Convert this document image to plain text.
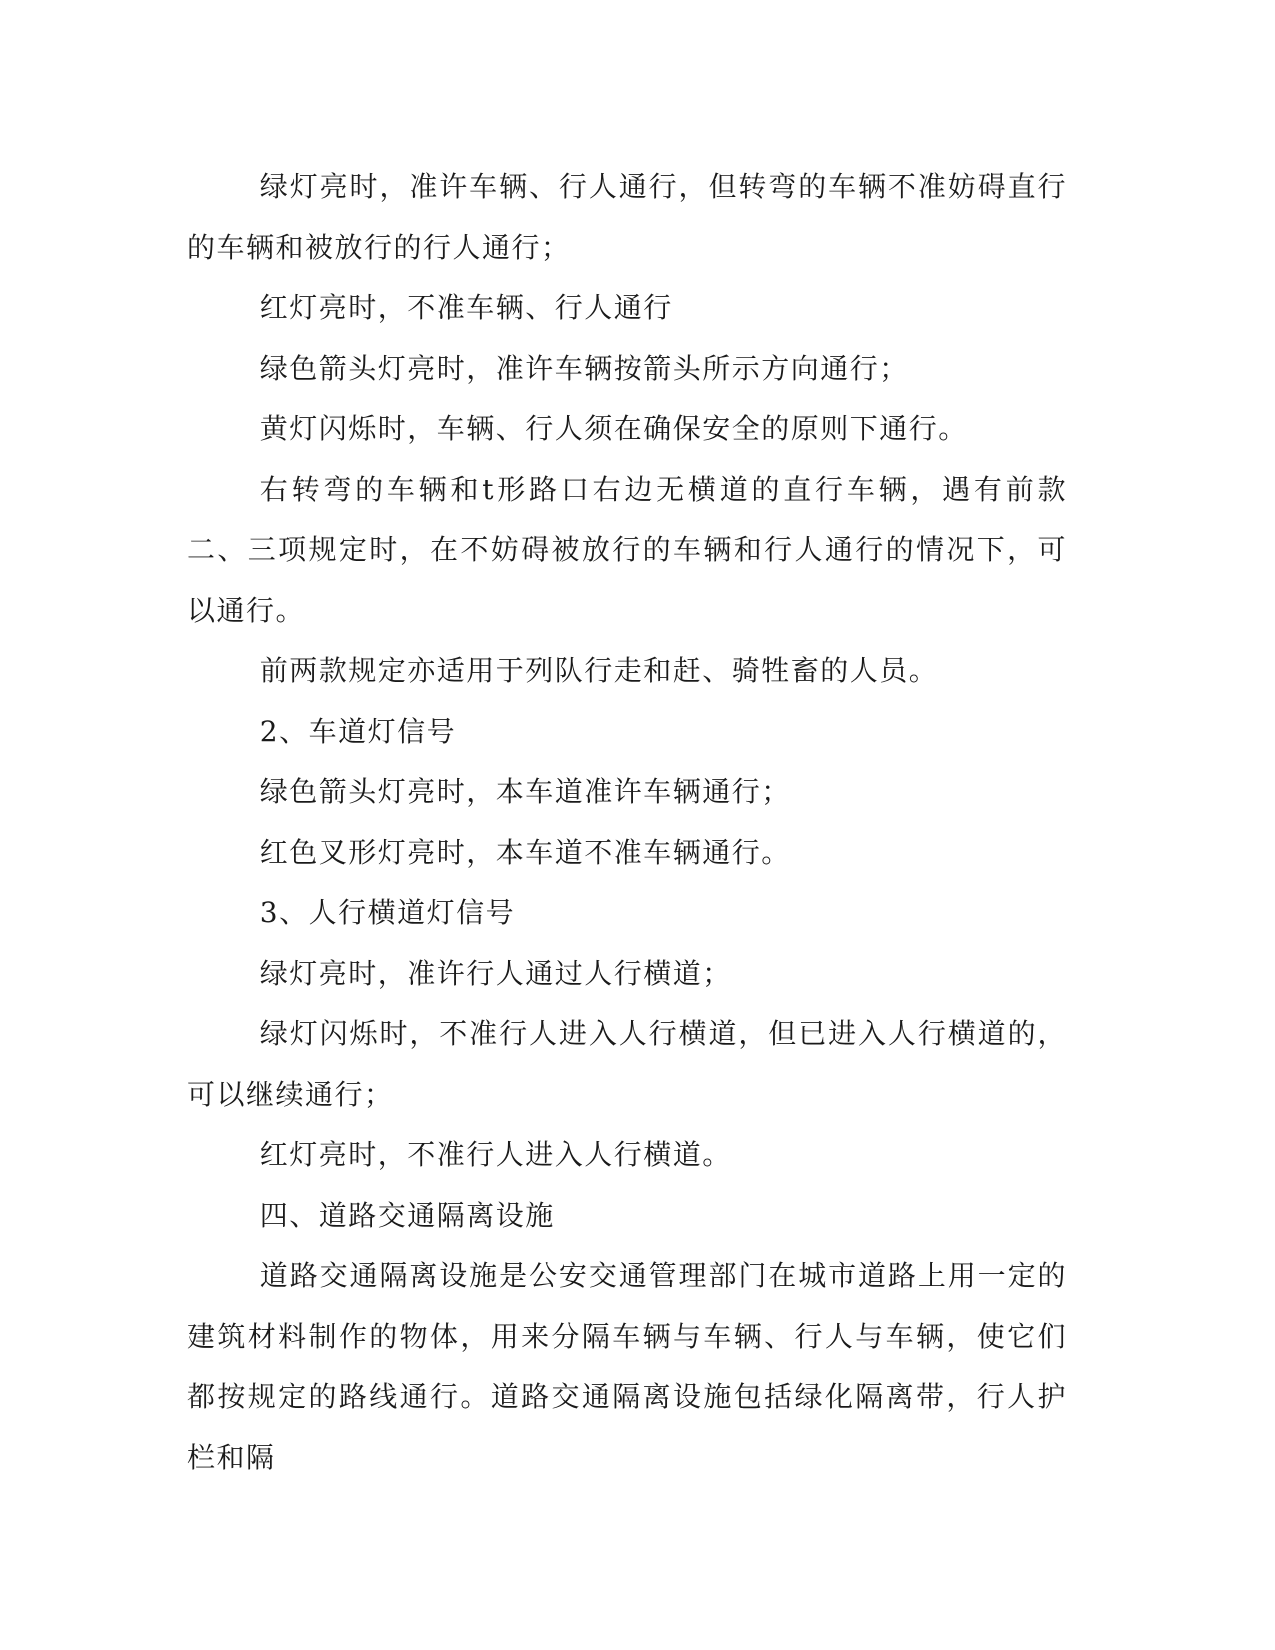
绿灯亮时，准许车辆、行人通行，但转弯的车辆不准妨碍直行的车辆和被放行的行人通行；

红灯亮时，不准车辆、行人通行

绿色箭头灯亮时，准许车辆按箭头所示方向通行；

黄灯闪烁时，车辆、行人须在确保安全的原则下通行。

右转弯的车辆和t形路口右边无横道的直行车辆，遇有前款二、三项规定时，在不妨碍被放行的车辆和行人通行的情况下，可以通行。

前两款规定亦适用于列队行走和赶、骑牲畜的人员。

2、车道灯信号

绿色箭头灯亮时，本车道准许车辆通行；

红色叉形灯亮时，本车道不准车辆通行。

3、人行横道灯信号

绿灯亮时，准许行人通过人行横道；

绿灯闪烁时，不准行人进入人行横道，但已进入人行横道的，可以继续通行；

红灯亮时，不准行人进入人行横道。

四、道路交通隔离设施

道路交通隔离设施是公安交通管理部门在城市道路上用一定的建筑材料制作的物体，用来分隔车辆与车辆、行人与车辆，使它们都按规定的路线通行。道路交通隔离设施包括绿化隔离带，行人护栏和隔
